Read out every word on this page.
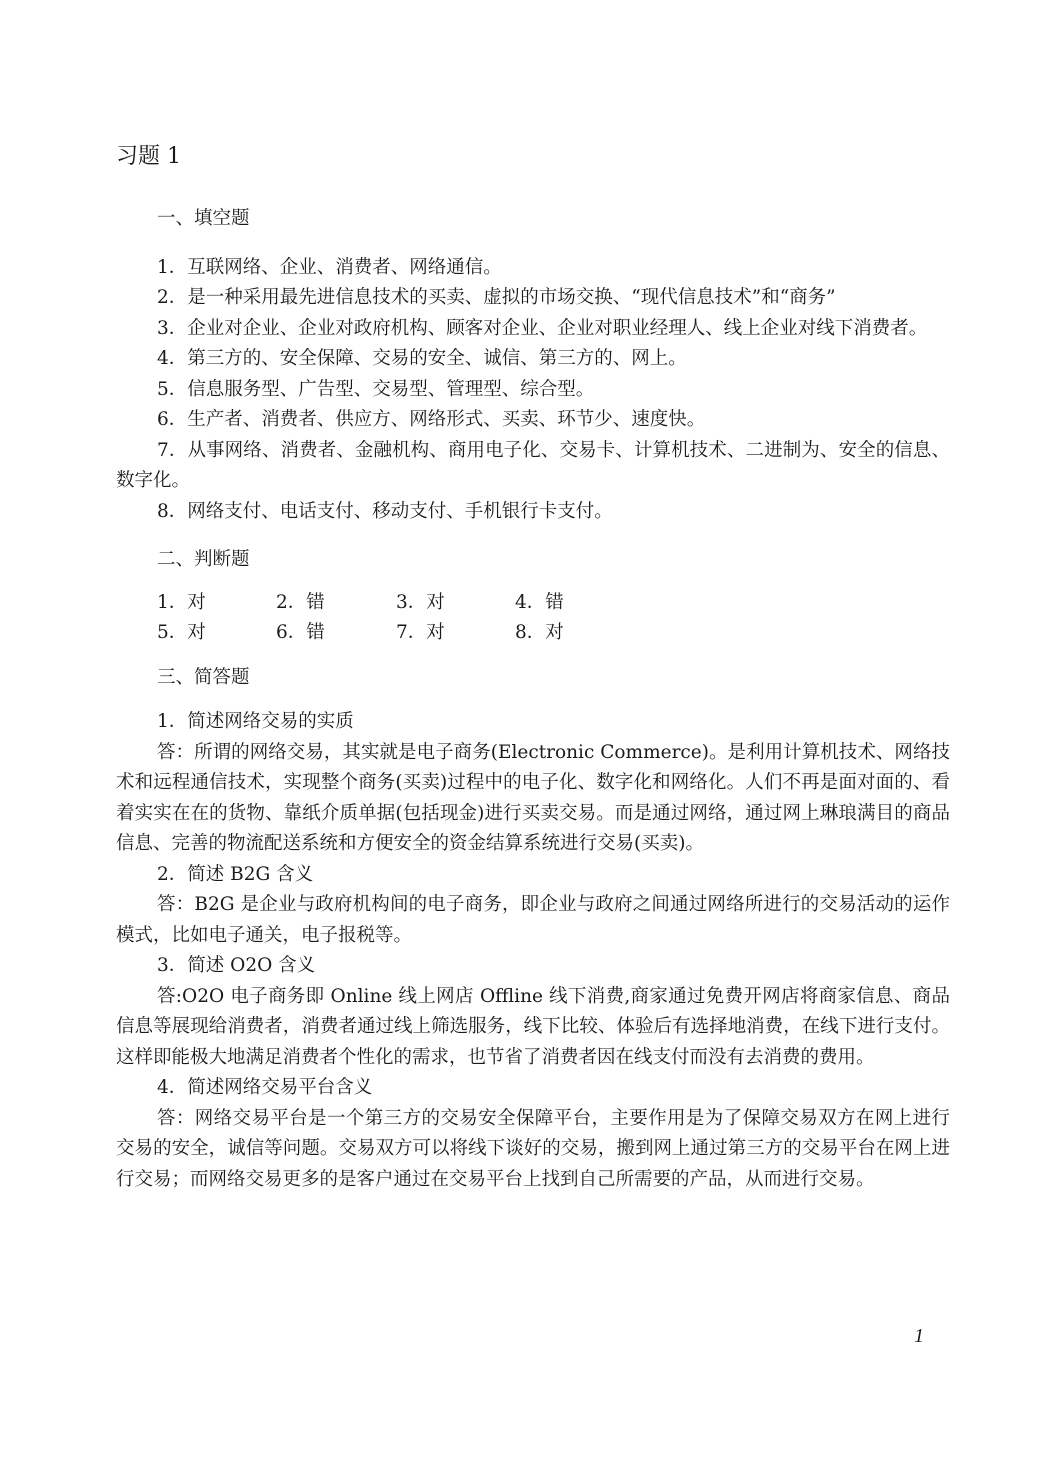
习题 1
一、填空题

1．互联网络、企业、消费者、网络通信。

2．是一种采用最先进信息技术的买卖、虚拟的市场交换、“现代信息技术”和“商务”

3．企业对企业、企业对政府机构、顾客对企业、企业对职业经理人、线上企业对线下消费者。

4．第三方的、安全保障、交易的安全、诚信、第三方的、网上。

5．信息服务型、广告型、交易型、管理型、综合型。

6．生产者、消费者、供应方、网络形式、买卖、环节少、速度快。

7．从事网络、消费者、金融机构、商用电子化、交易卡、计算机技术、二进制为、安全的信息、数字化。

8．网络支付、电话支付、移动支付、手机银行卡支付。

二、判断题
1．对	2．错	3．对	4．错
5．对	6．错	7．对	8．对
三、简答题

1．简述网络交易的实质

答：所谓的网络交易，其实就是电子商务(Electronic Commerce)。是利用计算机技术、网络技术和远程通信技术，实现整个商务(买卖)过程中的电子化、数字化和网络化。人们不再是面对面的、看着实实在在的货物、靠纸介质单据(包括现金)进行买卖交易。而是通过网络，通过网上琳琅满目的商品信息、完善的物流配送系统和方便安全的资金结算系统进行交易(买卖)。

2．简述 B2G 含义

答：B2G 是企业与政府机构间的电子商务，即企业与政府之间通过网络所进行的交易活动的运作模式，比如电子通关，电子报税等。

3．简述 O2O 含义

答:O2O 电子商务即 Online 线上网店 Offline 线下消费,商家通过免费开网店将商家信息、商品信息等展现给消费者，消费者通过线上筛选服务，线下比较、体验后有选择地消费，在线下进行支付。这样即能极大地满足消费者个性化的需求，也节省了消费者因在线支付而没有去消费的费用。

4．简述网络交易平台含义

答：网络交易平台是一个第三方的交易安全保障平台，主要作用是为了保障交易双方在网上进行交易的安全，诚信等问题。交易双方可以将线下谈好的交易，搬到网上通过第三方的交易平台在网上进行交易；而网络交易更多的是客户通过在交易平台上找到自己所需要的产品，从而进行交易。

1
